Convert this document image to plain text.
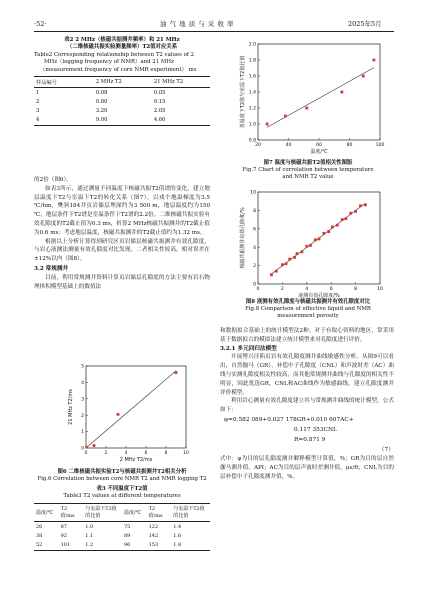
·52·	油 气 地 质 与 采 收 率	2025年5月
表2 2 MHz（核磁共振测井频率）和 21 MHz
（二维核磁共振实验测量频率）T2值对应关系
Table2 Corresponding relationship between T2 values of 2
MHz（logging frequency of NMR）and 21 MHz
（measurement frequency of core NMR experiment） ms
样品编号	2 MHz T2	21 MHz T2

1	0.08	0.05
2	0.80	0.15
3	3.20	2.05
4	9.00	4.60

的2倍（图6）。

如表3所示，通过测量不同温度下核磁共振T2值谱的变化，建立地层温度下T2与室温下T2的转化关系（图7）。以戏个地温梯度为3.5 ℃/hm，樊斜184井页岩储层埋深约为3 500 m，地层温度约为150 ℃，地层条件下T2谱是室温条件下T2谱的2.2倍。二维核磁共振实验有效孔隙度的T2截止值为0.3 ms，折算2 MHz核磁共振测井的T2截止值为0.6 ms；考虑地层温度，核磁共振测井的T2截止值约为1.32 ms。

根据以上分析计算得到研究区页岩储层核磁共振测井有效孔隙度，与岩心液测法测量有效孔隙度对比发现，二者相关性较高，相对误差在±12%以内（图8）。

3.2 常规测井

目前，利用常规测井资料计算页岩储层孔隙度的方法主要有岩石物理体积模型基础上的数值法

0	2	4	6	8	10
0
1
2
3
4
5
2 MHz T2/ms
21 MHz T2/ms
图6 二维核磁共振实验T2与核磁共振测井T2相关分析
Fig.6 Correlation between core NMR T2 and NMR logging T2
表3 不同温度下T2值
Table3 T2 values at different temperatures
温度/℃	T2 值/ms	与室温下T2值的比值	温度/℃	T2 值/ms	与室温下T2值的比值

26	87	1.0	75	122	1.4
38	92	1.1	89	142	1.6
52	101	1.2	96	153	1.8
20	40	60	80	100
0.8
1.0
1.2
1.4
1.6
1.8
2.0
温度/℃
各温度下T2值与室温下T2值比值
图7 温度与核磁共振T2值相关性图版
Fig.7 Chart of correlation between temperature
and NMR T2 value
0	2	4	6	8	10
0
2
4
6
8
10
液测有效孔隙度/%
核磁共振测井有效孔隙度/%
图8 液测有效孔隙度与核磁共振测井有效孔隙度对比
Fig.8 Comparison of effective liquid and NMR
measurement porosity

和数据拟合基础上的统计模型法2种。对于有取心资料的地区，常采用基于数据拟合的模拟法建立统计模型来对孔隙度进行评价。

3.2.1 多元回归法模型

开展博兴洼陷页岩有效孔隙度测井曲线敏感性分析，从图9可以看出，自然伽马（GR）、补偿中子孔隙度（CNL）和声波时差（AC）曲线与实测孔隙度相关性较高，而其他常规测井曲线与孔隙度的相关性不明显，因此优选GR，CNL和AC曲线作为敏感曲线，建立孔隙度测井评价模型。

利用岩心测量有效孔隙度建立其与常规测井曲线的统计模型，公式如下：

φ=0.582 089+0.027 178GR+0.010 607AC+
0.117 353CNL
R=0.871 9
（7）

式中：φ为目的层孔隙度测井解释模型计算值，%；GR为目的层自然伽马测井值，API；AC为目的层声波时差测井值，μs/ft；CNL为目的层补偿中子孔隙度测井值，%。
